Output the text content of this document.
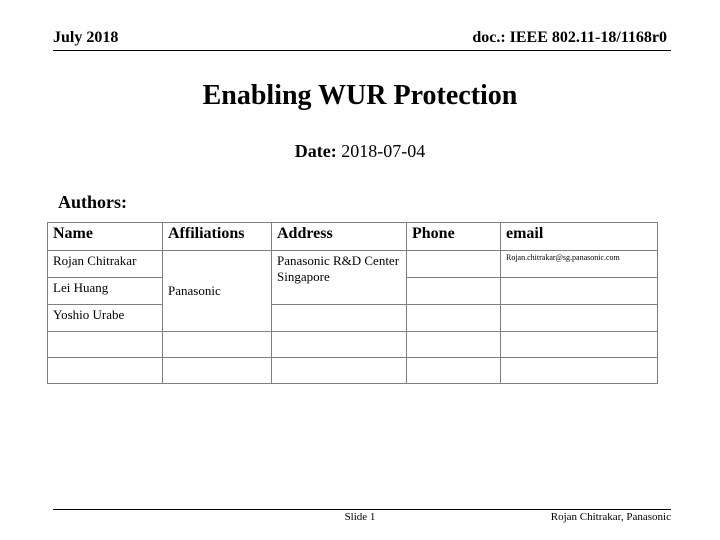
July 2018	doc.: IEEE 802.11-18/1168r0
Enabling WUR Protection
Date: 2018-07-04
Authors:
Name	Affiliations	Address	Phone	email
Rojan Chitrakar	Panasonic	Panasonic R&D Center Singapore		Rojan.chitrakar@sg.panasonic.com
Lei Huang				
Yoshio Urabe				

Slide 1	Rojan Chitrakar, Panasonic
